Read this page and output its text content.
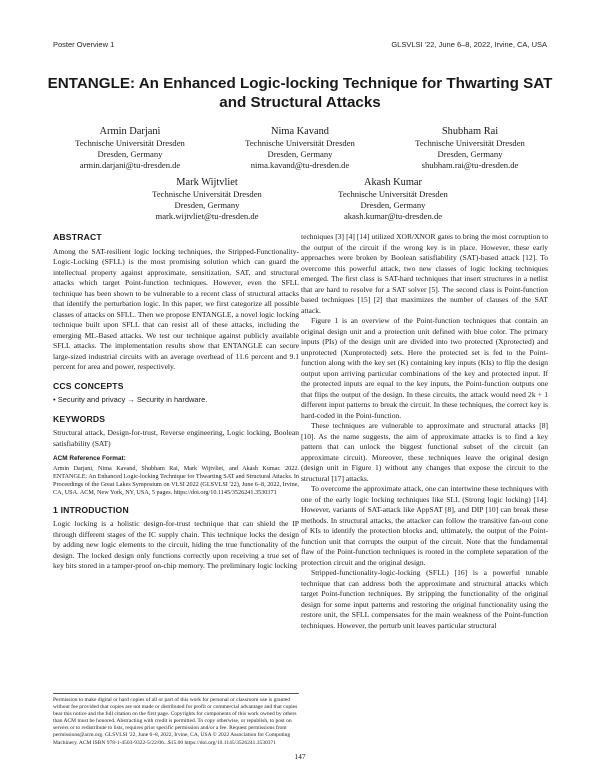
Poster Overview 1	GLSVLSI '22, June 6–8, 2022, Irvine, CA, USA
ENTANGLE: An Enhanced Logic-locking Technique for Thwarting SAT and Structural Attacks
Armin Darjani
Technische Universität Dresden
Dresden, Germany
armin.darjani@tu-dresden.de
Nima Kavand
Technische Universität Dresden
Dresden, Germany
nima.kavand@tu-dresden.de
Shubham Rai
Technische Universität Dresden
Dresden, Germany
shubham.rai@tu-dresden.de
Mark Wijtvliet
Technische Universität Dresden
Dresden, Germany
mark.wijtvliet@tu-dresden.de
Akash Kumar
Technische Universität Dresden
Dresden, Germany
akash.kumar@tu-dresden.de
ABSTRACT

Among the SAT-resilient logic locking techniques, the Stripped-Functionality-Logic-Locking (SFLL) is the most promising solution which can guard the intellectual property against approximate, sensitization, SAT, and structural attacks which target Point-function techniques. However, even the SFLL technique has been shown to be vulnerable to a recent class of structural attacks that identify the perturbation logic. In this paper, we first categorize all possible classes of attacks on SFLL. Then we propose ENTANGLE, a novel logic locking technique built upon SFLL that can resist all of these attacks, including the emerging ML-Based attacks. We test our technique against publicly available SFLL attacks. The implementation results show that ENTANGLE can secure large-sized industrial circuits with an average overhead of 11.6 percent and 9.1 percent for area and power, respectively.

CCS CONCEPTS

• Security and privacy → Security in hardware.

KEYWORDS

Structural attack, Design-for-trust, Reverse engineering, Logic locking, Boolean satisfiability (SAT)

ACM Reference Format:

Armin Darjani, Nima Kavand, Shubham Rai, Mark Wijtvliet, and Akash Kumar. 2022. ENTANGLE: An Enhanced Logic-locking Technique for Thwarting SAT and Structural Attacks. In Proceedings of the Great Lakes Symposium on VLSI 2022 (GLSVLSI '22), June 6–8, 2022, Irvine, CA, USA. ACM, New York, NY, USA, 5 pages. https://doi.org/10.1145/3526241.3530371

1 INTRODUCTION

Logic locking is a holistic design-for-trust technique that can shield the IP through different stages of the IC supply chain. This technique locks the design by adding new logic elements to the circuit, hiding the true functionality of the design. The locked design only functions correctly upon receiving a true set of key bits stored in a tamper-proof on-chip memory. The preliminary logic locking

Permission to make digital or hard copies of all or part of this work for personal or classroom use is granted without fee provided that copies are not made or distributed for profit or commercial advantage and that copies bear this notice and the full citation on the first page. Copyrights for components of this work owned by others than ACM must be honored. Abstracting with credit is permitted. To copy otherwise, or republish, to post on servers or to redistribute to lists, requires prior specific permission and/or a fee. Request permissions from permissions@acm.org. GLSVLSI '22, June 6–8, 2022, Irvine, CA, USA © 2022 Association for Computing Machinery. ACM ISBN 978-1-4503-9322-5/22/06...$15.00 https://doi.org/10.1145/3526241.3530371

techniques [3] [4] [14] utilized XOR/XNOR gates to bring the most corruption to the output of the circuit if the wrong key is in place. However, these early approaches were broken by Boolean satisfiability (SAT)-based attack [12]. To overcome this powerful attack, two new classes of logic locking techniques emerged. The first class is SAT-hard techniques that insert structures in a netlist that are hard to resolve for a SAT solver [5]. The second class is Point-function based techniques [15] [2] that maximizes the number of clauses of the SAT attack.

Figure 1 is an overview of the Point-function techniques that contain an original design unit and a protection unit defined with blue color. The primary inputs (PIs) of the design unit are divided into two protected (Xprotected) and unprotected (Xunprotected) sets. Here the protected set is fed to the Point-function along with the key set (K) containing key inputs (KIs) to flip the design output upon arriving particular combinations of the key and protected input. If the protected inputs are equal to the key inputs, the Point-function outputs one that flips the output of the design. In these circuits, the attack would need 2k + 1 different input patterns to break the circuit. In these techniques, the correct key is hard-coded in the Point-function.

These techniques are vulnerable to approximate and structural attacks [8] [10]. As the name suggests, the aim of approximate attacks is to find a key pattern that can unlock the biggest functional subset of the circuit (an approximate circuit). Moreover, these techniques leave the original design (design unit in Figure 1) without any changes that expose the circuit to the structural [17] attacks.

To overcome the approximate attack, one can intertwine these techniques with one of the early logic locking techniques like SLL (Strong logic locking) [14]. However, variants of SAT-attack like AppSAT [8], and DIP [10] can break these methods. In structural attacks, the attacker can follow the transitive fan-out cone of KIs to identify the protection blocks and, ultimately, the output of the Point-function unit that corrupts the output of the circuit. Note that the fundamental flaw of the Point-function techniques is rooted in the complete separation of the protection circuit and the original design.

Stripped-functionality-logic-locking (SFLL) [16] is a powerful tunable technique that can address both the approximate and structural attacks which target Point-function techniques. By stripping the functionality of the original design for some input patterns and restoring the original functionality using the restore unit, the SFLL compensates for the main weakness of the Point-function techniques. However, the perturb unit leaves particular structural

147
